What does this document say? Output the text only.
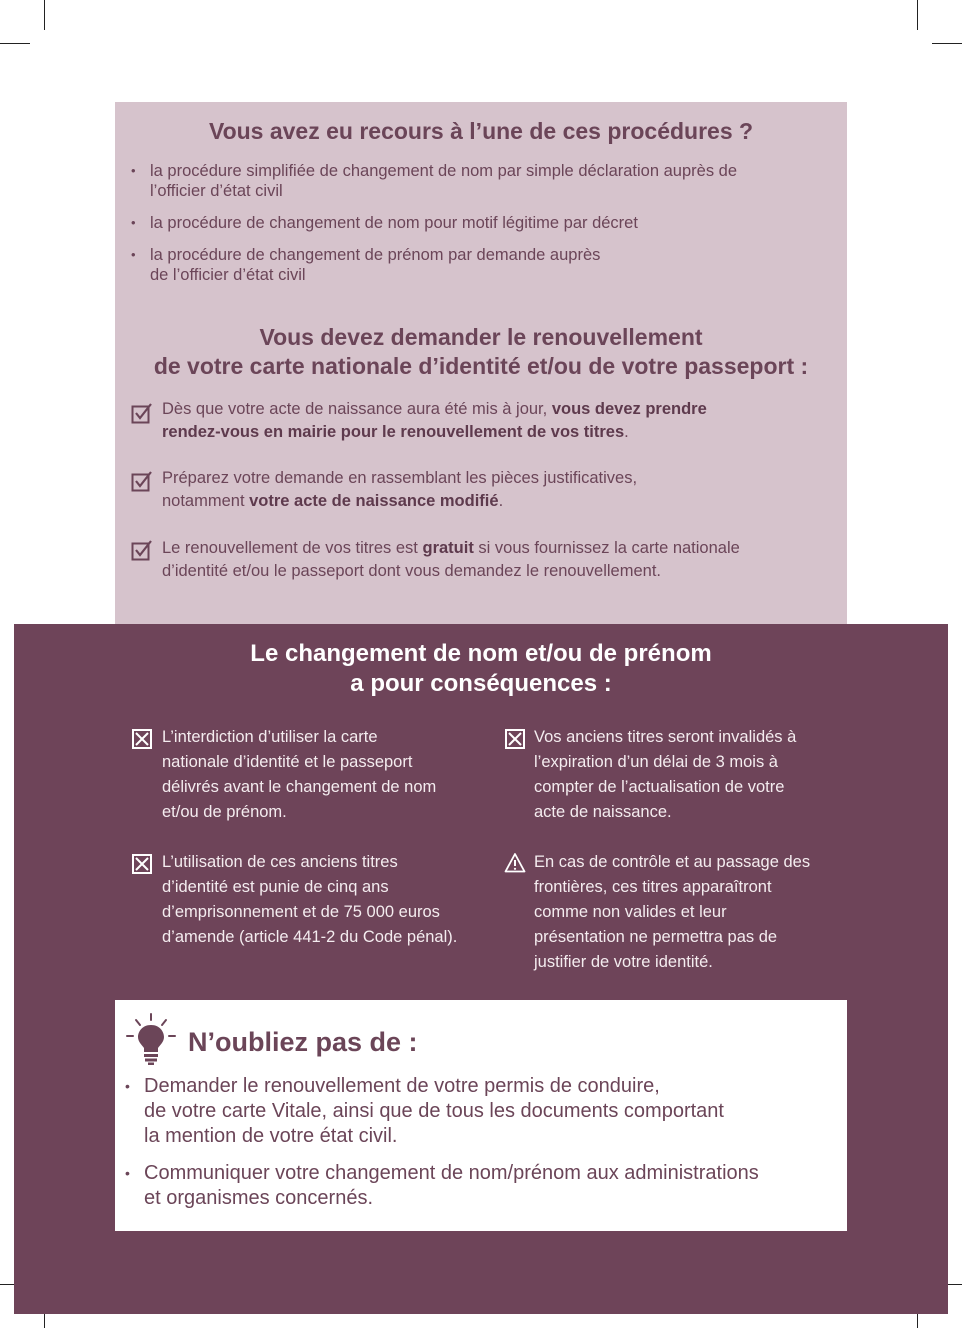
Vous avez eu recours à l’une de ces procédures ?
• la procédure simplifiée de changement de nom par simple déclaration auprès de
l’officier d’état civil
• la procédure de changement de nom pour motif légitime par décret
• la procédure de changement de prénom par demande auprès
de l’officier d’état civil
Vous devez demander le renouvellement
de votre carte nationale d’identité et/ou de votre passeport :
Dès que votre acte de naissance aura été mis à jour, vous devez prendre
rendez-vous en mairie pour le renouvellement de vos titres.
Préparez votre demande en rassemblant les pièces justificatives,
notamment votre acte de naissance modifié.
Le renouvellement de vos titres est gratuit si vous fournissez la carte nationale
d’identité et/ou le passeport dont vous demandez le renouvellement.
Le changement de nom et/ou de prénom
a pour conséquences :
L’interdiction d’utiliser la carte
nationale d’identité et le passeport
délivrés avant le changement de nom
et/ou de prénom.
Vos anciens titres seront invalidés à
l’expiration d’un délai de 3 mois à
compter de l’actualisation de votre
acte de naissance.
L’utilisation de ces anciens titres
d’identité est punie de cinq ans
d’emprisonnement et de 75 000 euros
d’amende (article 441-2 du Code pénal).
En cas de contrôle et au passage des
frontières, ces titres apparaîtront
comme non valides et leur
présentation ne permettra pas de
justifier de votre identité.
N’oubliez pas de :
• Demander le renouvellement de votre permis de conduire,
de votre carte Vitale, ainsi que de tous les documents comportant
la mention de votre état civil.
• Communiquer votre changement de nom/prénom aux administrations
et organismes concernés.
